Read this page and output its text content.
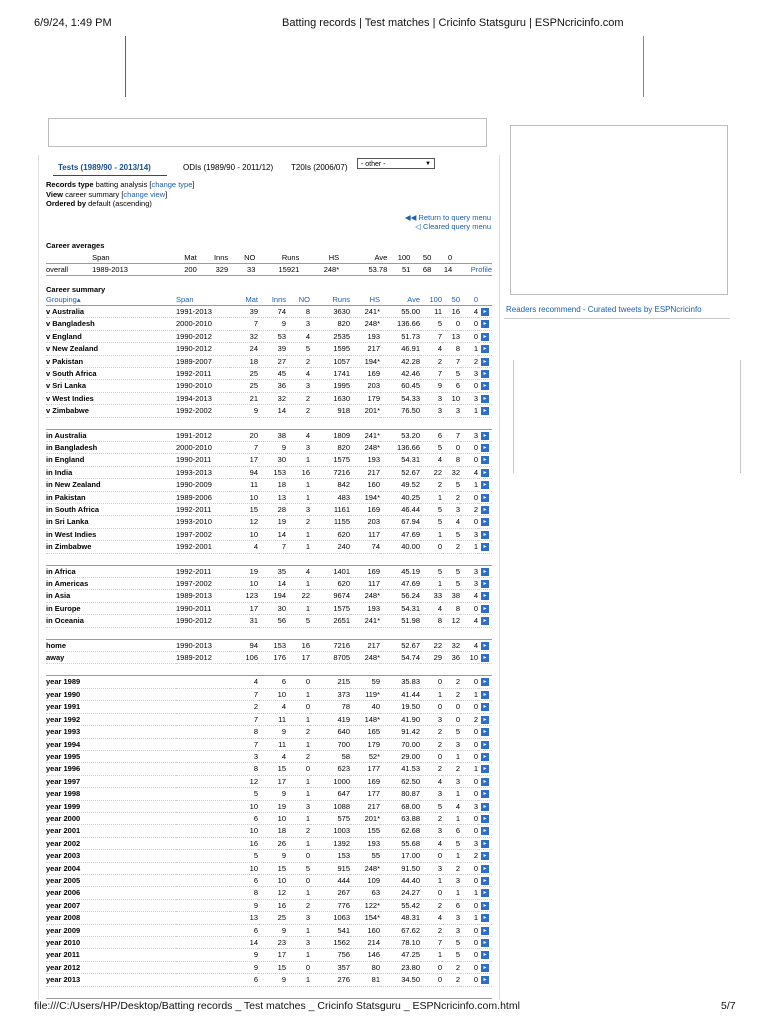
6/9/24, 1:49 PM	Batting records | Test matches | Cricinfo Statsguru | ESPNcricinfo.com
Readers recommend - Curated tweets by ESPNcricinfo
Tests (1989/90 - 2013/14)	ODIs (1989/90 - 2011/12) T20Is (2006/07)	- other -	▼
Records type batting analysis [change type]
View career summary [change view]
Ordered by default (ascending)
◀◀ Return to query menu
◁ Cleared query menu
Career averages
	Span	Mat	Inns	NO	Runs	HS	Ave	100	50	0	
overall	1989-2013	200	329	33	15921	248*	53.78	51	68	14	Profile
Career summary
Grouping▴	Span	Mat	Inns	NO	Runs	HS	Ave	100	50	0	
v Australia	1991-2013	39	74	8	3630	241*	55.00	11	16	4	▸
v Bangladesh	2000-2010	7	9	3	820	248*	136.66	5	0	0	▸
v England	1990-2012	32	53	4	2535	193	51.73	7	13	0	▸
v New Zealand	1990-2012	24	39	5	1595	217	46.91	4	8	1	▸
v Pakistan	1989-2007	18	27	2	1057	194*	42.28	2	7	2	▸
v South Africa	1992-2011	25	45	4	1741	169	42.46	7	5	3	▸
v Sri Lanka	1990-2010	25	36	3	1995	203	60.45	9	6	0	▸
v West Indies	1994-2013	21	32	2	1630	179	54.33	3	10	3	▸
v Zimbabwe	1992-2002	9	14	2	918	201*	76.50	3	3	1	▸

in Australia	1991-2012	20	38	4	1809	241*	53.20	6	7	3	▸
in Bangladesh	2000-2010	7	9	3	820	248*	136.66	5	0	0	▸
in England	1990-2011	17	30	1	1575	193	54.31	4	8	0	▸
in India	1993-2013	94	153	16	7216	217	52.67	22	32	4	▸
in New Zealand	1990-2009	11	18	1	842	160	49.52	2	5	1	▸
in Pakistan	1989-2006	10	13	1	483	194*	40.25	1	2	0	▸
in South Africa	1992-2011	15	28	3	1161	169	46.44	5	3	2	▸
in Sri Lanka	1993-2010	12	19	2	1155	203	67.94	5	4	0	▸
in West Indies	1997-2002	10	14	1	620	117	47.69	1	5	3	▸
in Zimbabwe	1992-2001	4	7	1	240	74	40.00	0	2	1	▸

in Africa	1992-2011	19	35	4	1401	169	45.19	5	5	3	▸
in Americas	1997-2002	10	14	1	620	117	47.69	1	5	3	▸
in Asia	1989-2013	123	194	22	9674	248*	56.24	33	38	4	▸
in Europe	1990-2011	17	30	1	1575	193	54.31	4	8	0	▸
in Oceania	1990-2012	31	56	5	2651	241*	51.98	8	12	4	▸

home	1990-2013	94	153	16	7216	217	52.67	22	32	4	▸
away	1989-2012	106	176	17	8705	248*	54.74	29	36	10	▸

year 1989		4	6	0	215	59	35.83	0	2	0	▸
year 1990		7	10	1	373	119*	41.44	1	2	1	▸
year 1991		2	4	0	78	40	19.50	0	0	0	▸
year 1992		7	11	1	419	148*	41.90	3	0	2	▸
year 1993		8	9	2	640	165	91.42	2	5	0	▸
year 1994		7	11	1	700	179	70.00	2	3	0	▸
year 1995		3	4	2	58	52*	29.00	0	1	0	▸
year 1996		8	15	0	623	177	41.53	2	2	1	▸
year 1997		12	17	1	1000	169	62.50	4	3	0	▸
year 1998		5	9	1	647	177	80.87	3	1	0	▸
year 1999		10	19	3	1088	217	68.00	5	4	3	▸
year 2000		6	10	1	575	201*	63.88	2	1	0	▸
year 2001		10	18	2	1003	155	62.68	3	6	0	▸
year 2002		16	26	1	1392	193	55.68	4	5	3	▸
year 2003		5	9	0	153	55	17.00	0	1	2	▸
year 2004		10	15	5	915	248*	91.50	3	2	0	▸
year 2005		6	10	0	444	109	44.40	1	3	0	▸
year 2006		8	12	1	267	63	24.27	0	1	1	▸
year 2007		9	16	2	776	122*	55.42	2	6	0	▸
year 2008		13	25	3	1063	154*	48.31	4	3	1	▸
year 2009		6	9	1	541	160	67.62	2	3	0	▸
year 2010		14	23	3	1562	214	78.10	7	5	0	▸
year 2011		9	17	1	756	146	47.25	1	5	0	▸
year 2012		9	15	0	357	80	23.80	0	2	0	▸
year 2013		6	9	1	276	81	34.50	0	2	0	▸

file:///C:/Users/HP/Desktop/Batting records _ Test matches _ Cricinfo Statsguru _ ESPNcricinfo.com.html	5/7
